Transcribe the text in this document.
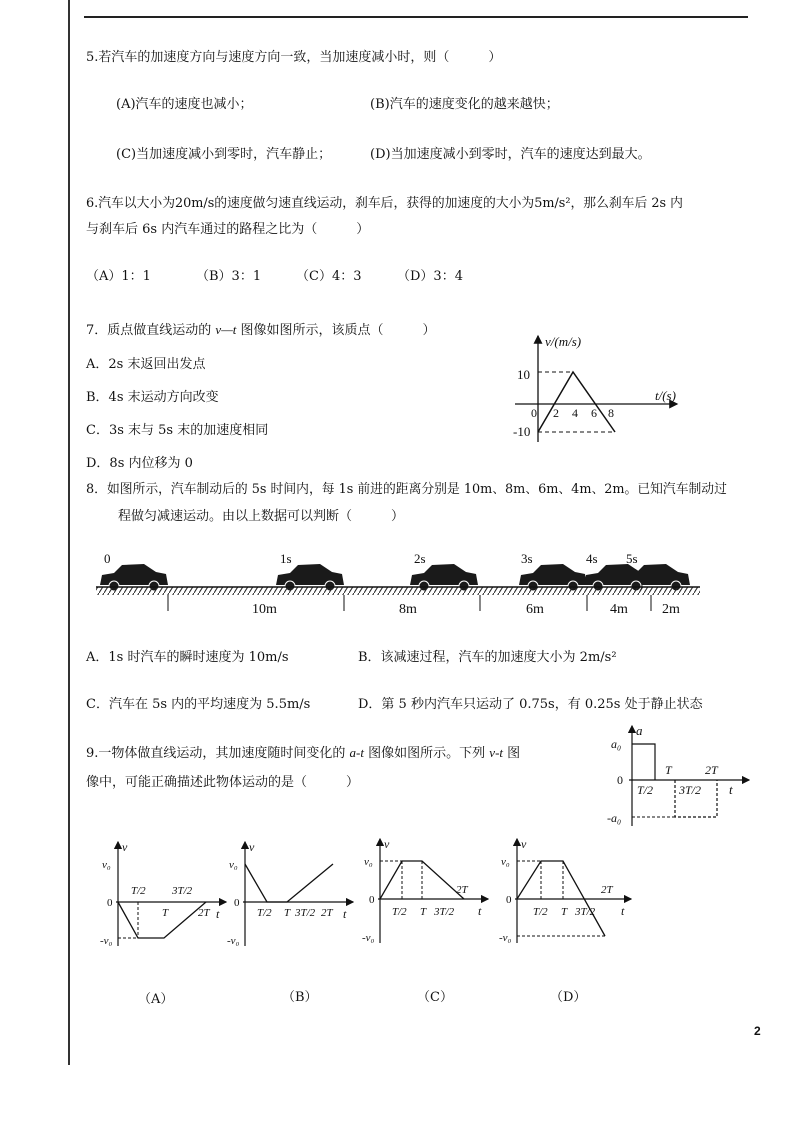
5.若汽车的加速度方向与速度方向一致，当加速度减小时，则（　　　）
(A)汽车的速度也减小；	(B)汽车的速度变化的越来越快；
(C)当加速度减小到零时，汽车静止；	(D)当加速度减小到零时，汽车的速度达到最大。
6.汽车以大小为20m/s的速度做匀速直线运动，刹车后，获得的加速度的大小为5m/s²，那么刹车后 2s 内
与刹车后 6s 内汽车通过的路程之比为（　　　）
（A）1：1	（B）3：1	（C）4：3	（D）3：4
7．质点做直线运动的 v—t 图像如图所示，该质点（　　　）
A．2s 末返回出发点
B．4s 末运动方向改变
C．3s 末与 5s 末的加速度相同
D．8s 内位移为 0
v/(m/s)
t/(s)
10
-10
0 2 4 6 8
8．如图所示，汽车制动后的 5s 时间内，每 1s 前进的距离分别是 10m、8m、6m、4m、2m。已知汽车制动过
程做匀减速运动。由以上数据可以判断（　　　）
0	1s	2s	3s	4s 5s
10m	8m	6m	4m 2m
A．1s 时汽车的瞬时速度为 10m/s	B．该减速过程，汽车的加速度大小为 2m/s²
C．汽车在 5s 内的平均速度为 5.5m/s	D．第 5 秒内汽车只运动了 0.75s，有 0.25s 处于静止状态
9.一物体做直线运动，其加速度随时间变化的 a-t 图像如图所示。下列 v-t 图
像中，可能正确描述此物体运动的是（　　　）
a
a₀
0
-a₀
T/2
T
3T/2
2T
t
v
v₀
0
-v₀
T/2 3T/2
T	2T t
v
v₀
0
-v₀
T/2 T 3T/2 2T t
v
v₀
0
-v₀
T/2 T 3T/2
2T
t
v
v₀
0
-v₀
T/2 T 3T/2
2T
t
（A）	（B）	（C）	（D）
2
